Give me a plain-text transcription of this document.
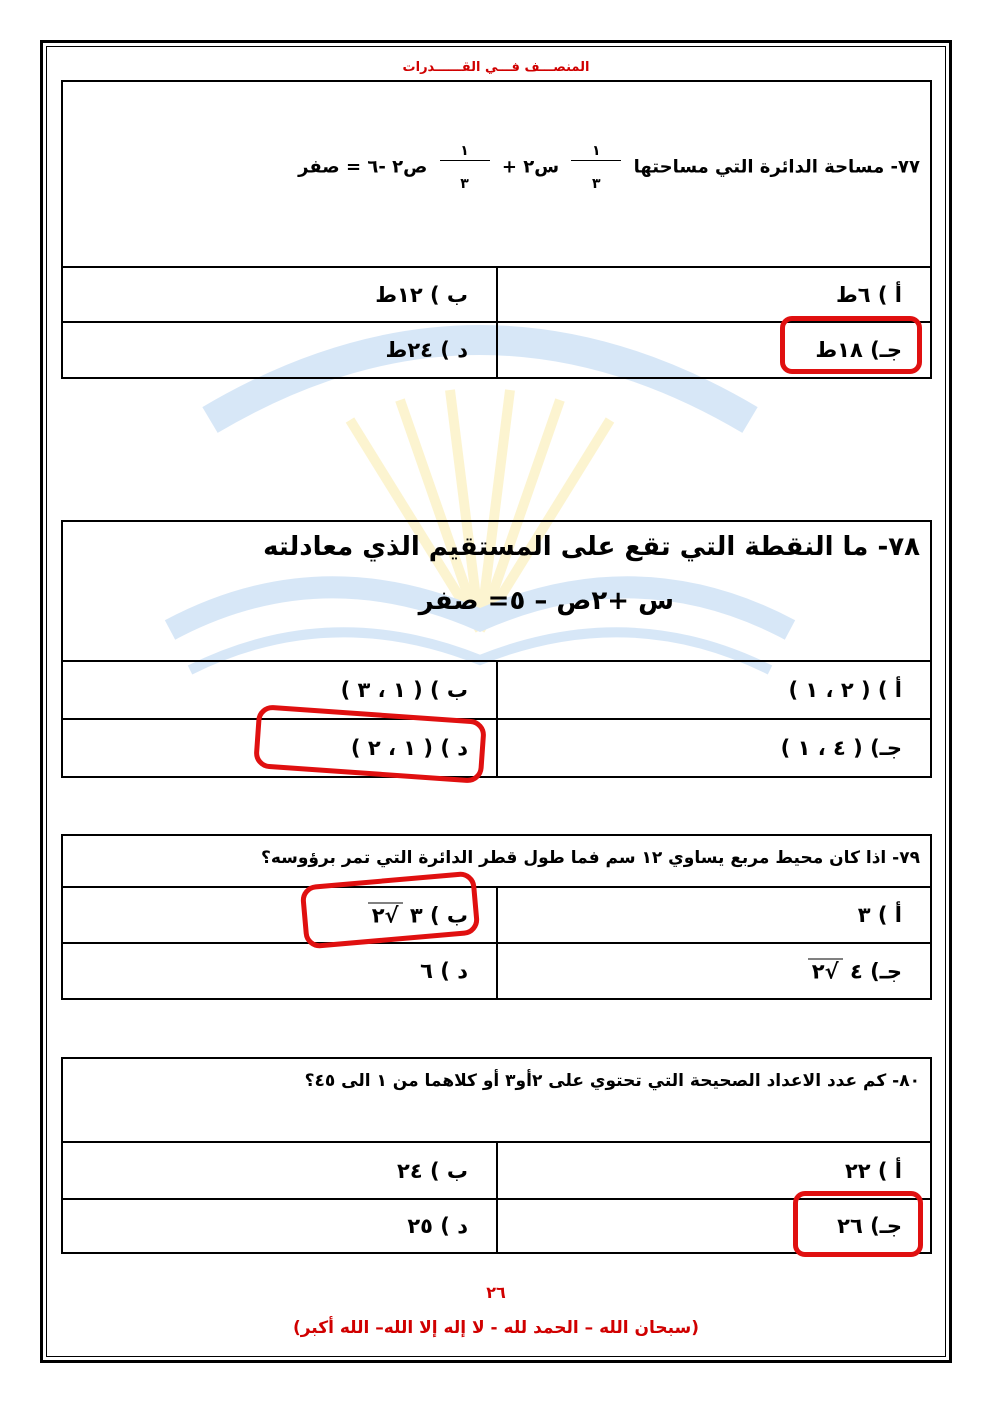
المنصـــف فـــي القــــــدرات
٧٧- مساحة الدائرة التي مساحتها
$\frac{١}{٣}$
س٢ +
$\frac{١}{٣}$
ص٢ -٦ = صفر
أ ) ٦ط
ب ) ١٢ط
جـ) ١٨ط
د ) ٢٤ط
٧٨- ما النقطة التي تقع على المستقيم الذي معادلته
س +٢ص – ٥= صفر
أ ) ( ٢ ، ١ )
ب ) ( ١ ، ٣ )
جـ) ( ٤ ، ١ )
د ) ( ١ ، ٢ )
٧٩- اذا كان محيط مربع يساوي ١٢ سم فما طول قطر الدائرة التي تمر برؤوسه؟
أ ) ٣
ب ) ٣ √٢
جـ) ٤ √٢
د ) ٦
٨٠- كم عدد الاعداد الصحيحة التي تحتوي على ٢أو٣ أو كلاهما من ١ الى ٤٥؟
أ ) ٢٢
ب ) ٢٤
جـ) ٢٦
د ) ٢٥
٢٦
(سبحان الله – الحمد لله - لا إله إلا الله– الله أكبر)
